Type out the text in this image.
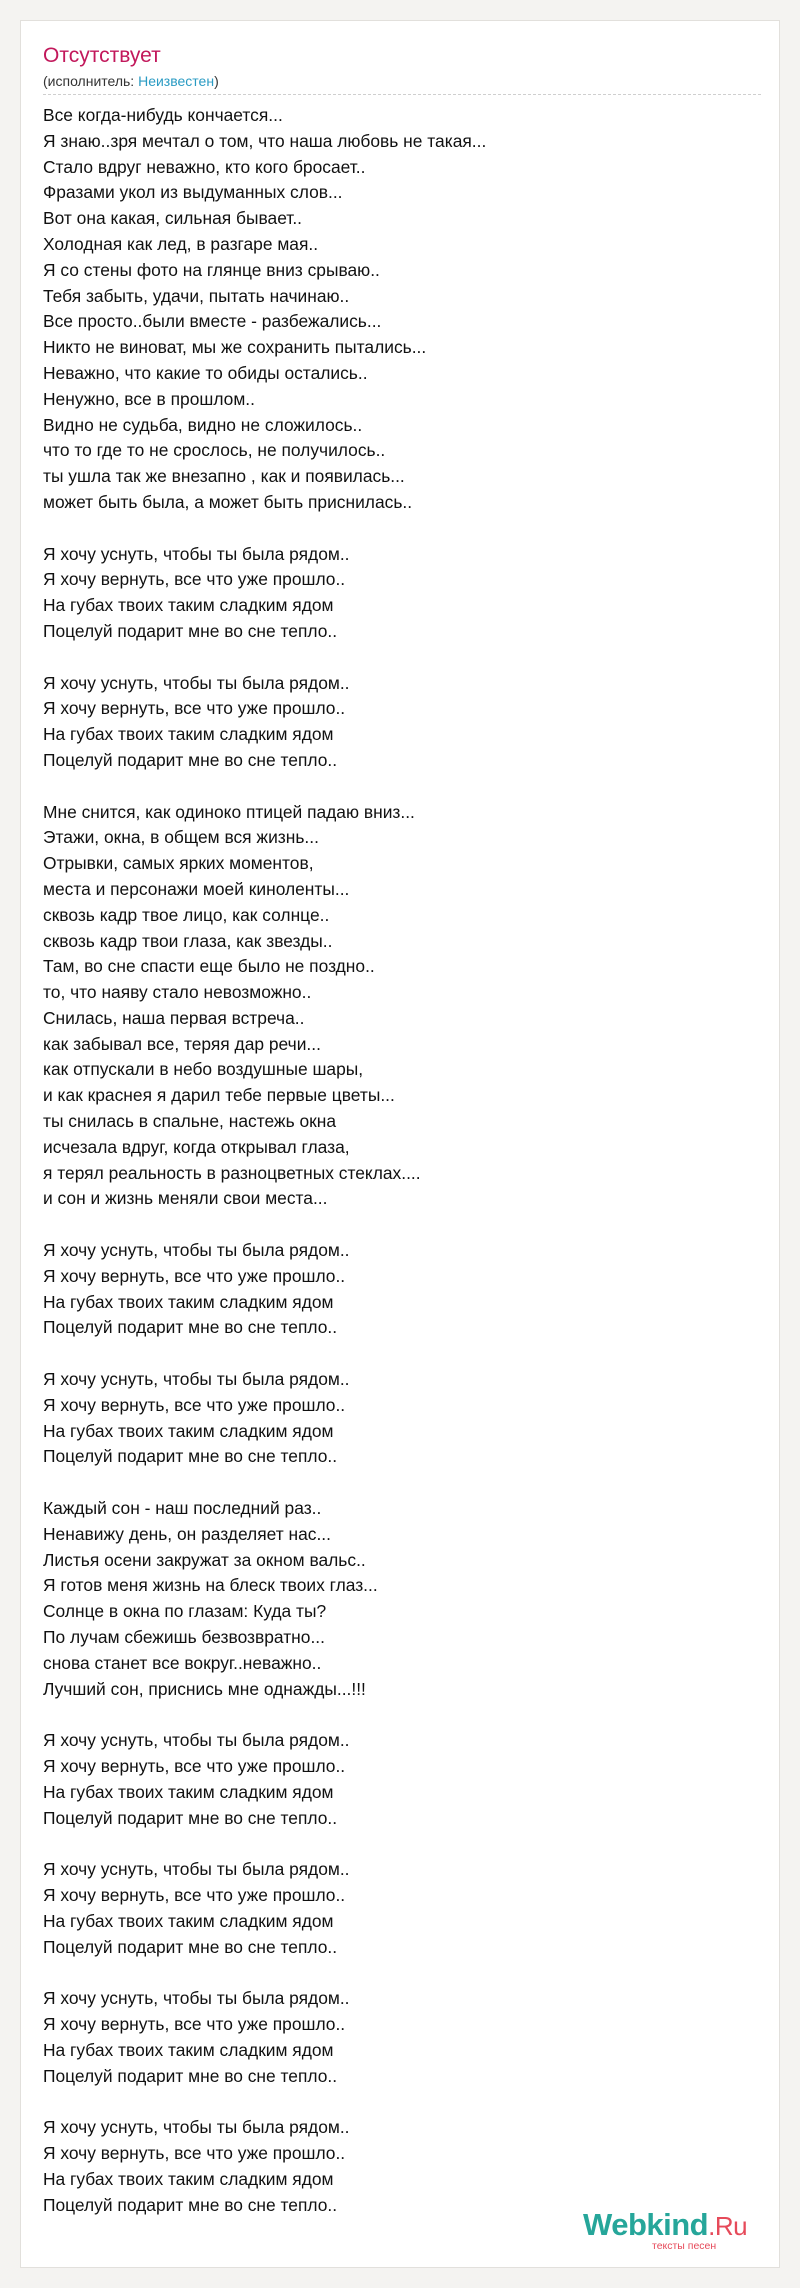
Отсутствует
(исполнитель: Неизвестен)
Все когда-нибудь кончается...
Я знаю..зря мечтал о том, что наша любовь не такая...
Стало вдруг неважно, кто кого бросает..
Фразами укол из выдуманных слов...
Вот она какая, сильная бывает..
Холодная как лед, в разгаре мая..
Я со стены фото на глянце вниз срываю..
Тебя забыть, удачи, пытать начинаю..
Все просто..были вместе - разбежались...
Никто не виноват, мы же сохранить пытались...
Неважно, что какие то обиды остались..
Ненужно, все в прошлом..
Видно не судьба, видно не сложилось..
что то где то не срослось, не получилось..
ты ушла так же внезапно , как и появилась...
может быть была, а может быть приснилась..
Я хочу уснуть, чтобы ты была рядом..
Я хочу вернуть, все что уже прошло..
На губах твоих таким сладким ядом
Поцелуй подарит мне во сне тепло..
Я хочу уснуть, чтобы ты была рядом..
Я хочу вернуть, все что уже прошло..
На губах твоих таким сладким ядом
Поцелуй подарит мне во сне тепло..
Мне снится, как одиноко птицей падаю вниз...
Этажи, окна, в общем вся жизнь...
Отрывки, самых ярких моментов,
места и персонажи моей киноленты...
сквозь кадр твое лицо, как солнце..
сквозь кадр твои глаза, как звезды..
Там, во сне спасти еще было не поздно..
то, что наяву стало невозможно..
Снилась, наша первая встреча..
как забывал все, теряя дар речи...
как отпускали в небо воздушные шары,
и как краснея я дарил тебе первые цветы...
ты снилась в спальне, настежь окна
исчезала вдруг, когда открывал глаза,
я терял реальность в разноцветных стеклах....
и сон и жизнь меняли свои места...
Я хочу уснуть, чтобы ты была рядом..
Я хочу вернуть, все что уже прошло..
На губах твоих таким сладким ядом
Поцелуй подарит мне во сне тепло..
Я хочу уснуть, чтобы ты была рядом..
Я хочу вернуть, все что уже прошло..
На губах твоих таким сладким ядом
Поцелуй подарит мне во сне тепло..
Каждый сон - наш последний раз..
Ненавижу день, он разделяет нас...
Листья осени закружат за окном вальс..
Я готов меня жизнь на блеск твоих глаз...
Солнце в окна по глазам: Куда ты?
По лучам сбежишь безвозвратно...
снова станет все вокруг..неважно..
Лучший сон, приснись мне однажды...!!!
Я хочу уснуть, чтобы ты была рядом..
Я хочу вернуть, все что уже прошло..
На губах твоих таким сладким ядом
Поцелуй подарит мне во сне тепло..
Я хочу уснуть, чтобы ты была рядом..
Я хочу вернуть, все что уже прошло..
На губах твоих таким сладким ядом
Поцелуй подарит мне во сне тепло..
Я хочу уснуть, чтобы ты была рядом..
Я хочу вернуть, все что уже прошло..
На губах твоих таким сладким ядом
Поцелуй подарит мне во сне тепло..
Я хочу уснуть, чтобы ты была рядом..
Я хочу вернуть, все что уже прошло..
На губах твоих таким сладким ядом
Поцелуй подарит мне во сне тепло..
Webkind.Ru
тексты песен
